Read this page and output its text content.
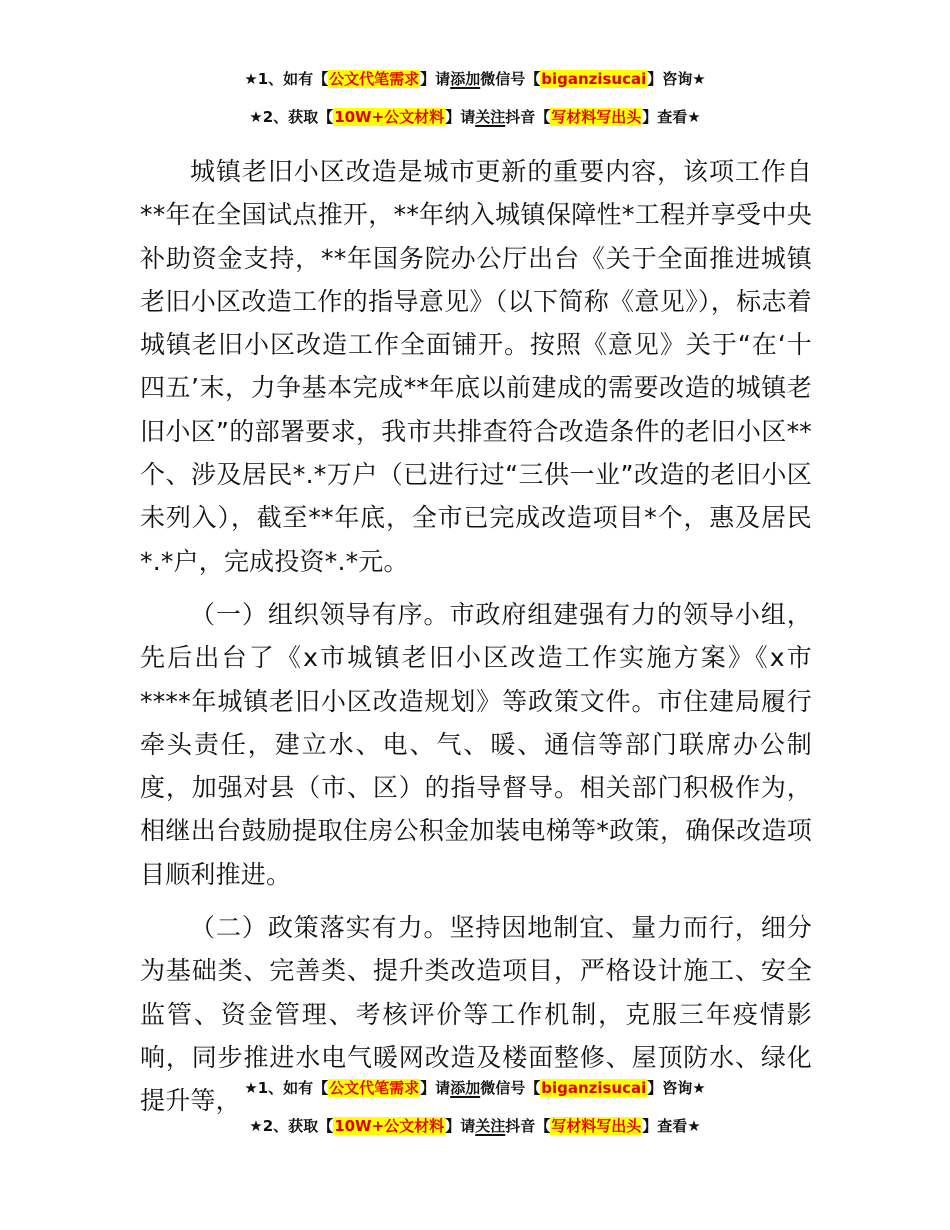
★1、如有【公文代笔需求】请添加微信号【biganzisucai】咨询★
★2、获取【10W+公文材料】请关注抖音【写材料写出头】查看★

城镇老旧小区改造是城市更新的重要内容，该项工作自**年在全国试点推开，**年纳入城镇保障性*工程并享受中央补助资金支持，**年国务院办公厅出台《关于全面推进城镇老旧小区改造工作的指导意见》（以下简称《意见》），标志着城镇老旧小区改造工作全面铺开。按照《意见》关于“在‘十四五’末，力争基本完成**年底以前建成的需要改造的城镇老旧小区”的部署要求，我市共排查符合改造条件的老旧小区**个、涉及居民*.*万户（已进行过“三供一业”改造的老旧小区未列入），截至**年底，全市已完成改造项目*个，惠及居民*.*户，完成投资*.*元。

（一）组织领导有序。市政府组建强有力的领导小组，先后出台了《x市城镇老旧小区改造工作实施方案》《x市****年城镇老旧小区改造规划》等政策文件。市住建局履行牵头责任，建立水、电、气、暖、通信等部门联席办公制度，加强对县（市、区）的指导督导。相关部门积极作为，相继出台鼓励提取住房公积金加装电梯等*政策，确保改造项目顺利推进。

（二）政策落实有力。坚持因地制宜、量力而行，细分为基础类、完善类、提升类改造项目，严格设计施工、安全监管、资金管理、考核评价等工作机制，克服三年疫情影响，同步推进水电气暖网改造及楼面整修、屋顶防水、绿化提升等， ★1、如有【公文代笔需求】请添加微信号【biganzisucai】咨询★
★2、获取【10W+公文材料】请关注抖音【写材料写出头】查看★
